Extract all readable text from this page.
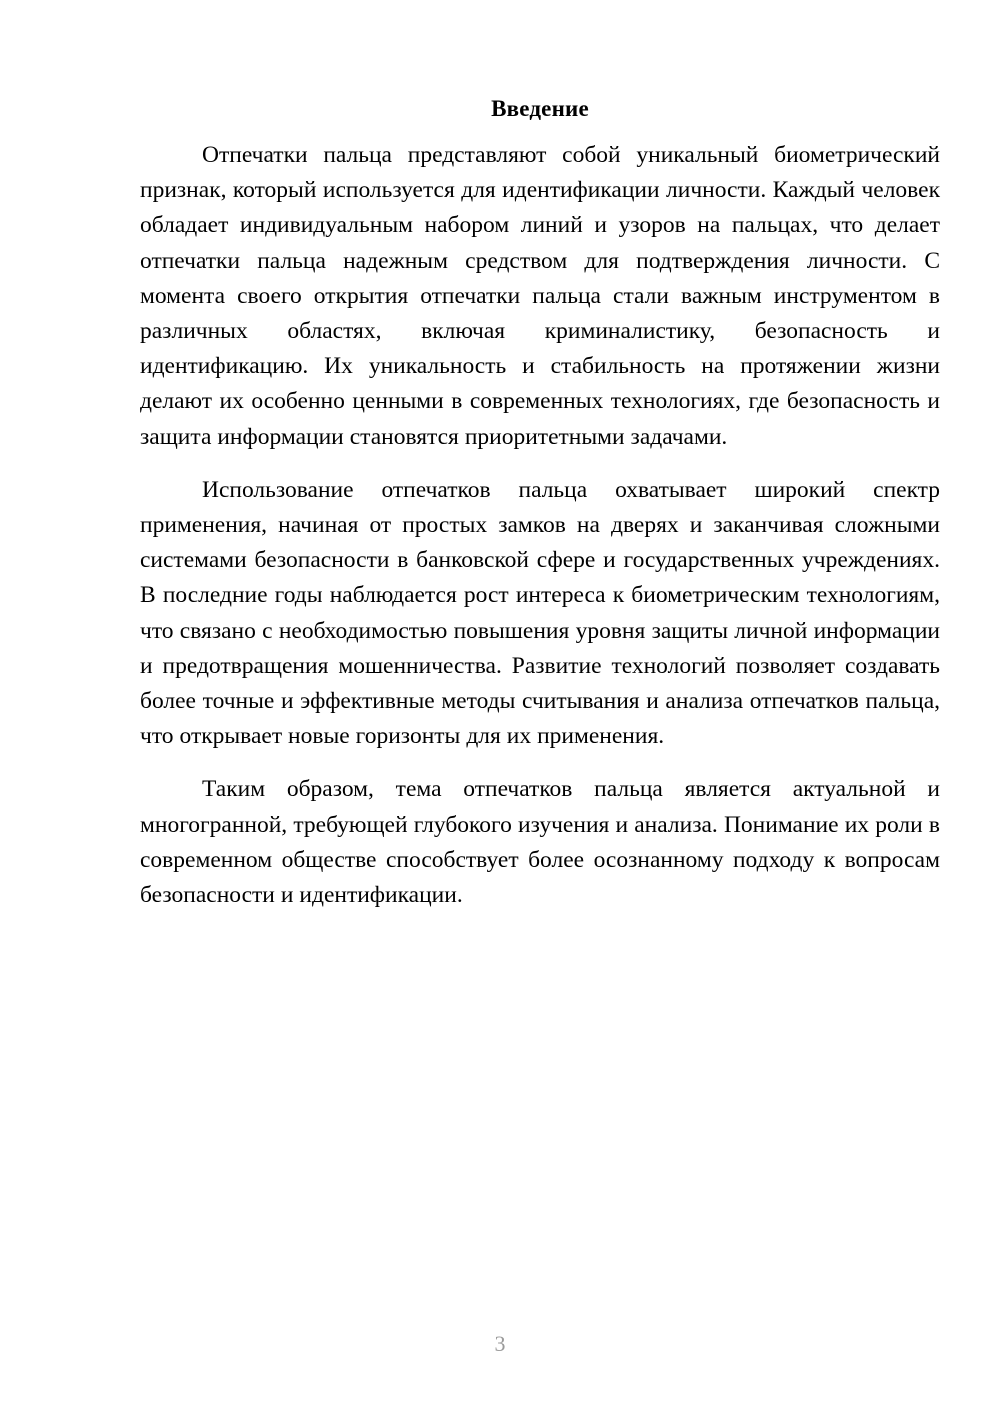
Введение

Отпечатки пальца представляют собой уникальный биометрический признак, который используется для идентификации личности. Каждый человек обладает индивидуальным набором линий и узоров на пальцах, что делает отпечатки пальца надежным средством для подтверждения личности. С момента своего открытия отпечатки пальца стали важным инструментом в различных областях, включая криминалистику, безопасность и идентификацию. Их уникальность и стабильность на протяжении жизни делают их особенно ценными в современных технологиях, где безопасность и защита информации становятся приоритетными задачами.

Использование отпечатков пальца охватывает широкий спектр применения, начиная от простых замков на дверях и заканчивая сложными системами безопасности в банковской сфере и государственных учреждениях. В последние годы наблюдается рост интереса к биометрическим технологиям, что связано с необходимостью повышения уровня защиты личной информации и предотвращения мошенничества. Развитие технологий позволяет создавать более точные и эффективные методы считывания и анализа отпечатков пальца, что открывает новые горизонты для их применения.

Таким образом, тема отпечатков пальца является актуальной и многогранной, требующей глубокого изучения и анализа. Понимание их роли в современном обществе способствует более осознанному подходу к вопросам безопасности и идентификации.

3
